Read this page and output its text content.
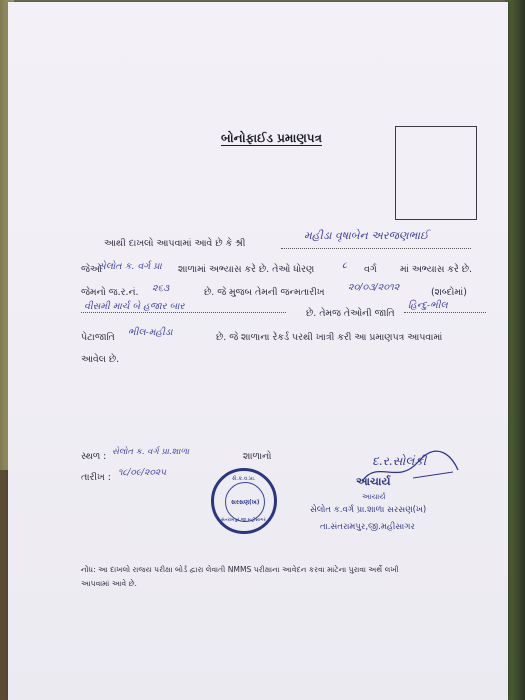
બોનોફાઈડ પ્રમાણપત્ર
આથી દાખલો આપવામાં આવે છે કે શ્રી
મહીડા વૃષાબેન અરજણભાઈ
જેઓ
સેલોત ક. વર્ગ પ્રા શાળામાં અભ્યાસ કરે છે. તેઓ ધોરણ	૮ વર્ગ માં અભ્યાસ કરે છે.
જેમનો જ.ર.નં. ૨૬૩	છે. જે મુજબ તેમની જન્મતારીખ ૨૦/૦૩/૨૦૧૨	(શબ્દોમાં)
વીસમી માર્ચ બે હજાર બાર
છે. તેમજ તેઓની જાતિ
હિન્દુ-ભીલ
પેટાજાતિ ભીલ-મહીડા	છે. જે શાળાના રેકર્ડ પરથી ખાત્રી કરી આ પ્રમાણપત્ર આપવામાં
આવેલ છે.
સ્થળ : સેલોત ક. વર્ગ પ્રા.શાળા	શાળાનો
તારીખ : ૧૮/૦૯/૨૦૨૫
સે.ક.વ.પ્રા.
સરસણ(ખ)
સંતરામપુર,જી.મહીસાગર
દ.ર.સોલંકી
આચાર્ય
આચાર્ય
સેલોત ક.વર્ગ પ્રા.શાળા સરસણ(ખ)
તા.સંતરામપુર,જી.મહીસાગર
નોંધ: આ દાખલો રાજય પરીક્ષા બોર્ડ દ્વારા લેવાતી NMMS પરીક્ષાના આવેદન કરવા માટેના પુરાવા અર્થે લખી
આપવામાં આવે છે.
